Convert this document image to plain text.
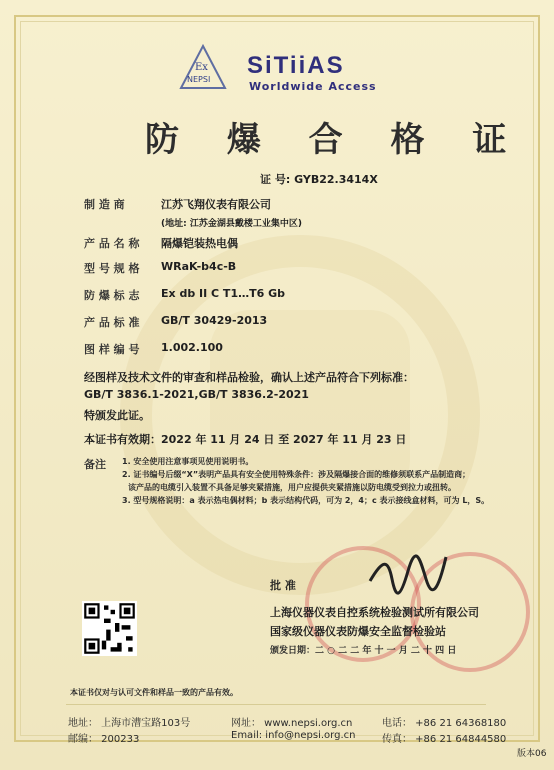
Ex
NEPSI
SiTiiAS
Worldwide Access
防 爆 合 格 证
证 号: GYB22.3414X
制 造 商	江苏飞翔仪表有限公司
(地址: 江苏金湖县戴楼工业集中区)
产 品 名 称 隔爆铠装热电偶
型 号 规 格 WRaK-b4c-B
防 爆 标 志 Ex db II C T1…T6 Gb
产 品 标 准 GB/T 30429-2013
图 样 编 号 1.002.100
经图样及技术文件的审查和样品检验，确认上述产品符合下列标准：
GB/T 3836.1-2021,GB/T 3836.2-2021
特颁发此证。
本证书有效期：2022 年 11 月 24 日 至 2027 年 11 月 23 日
备注 1. 安全使用注意事项见使用说明书。
2. 证书编号后缀“X”表明产品具有安全使用特殊条件：涉及隔爆接合面的维修须联系产品制造商；
该产品的电缆引入装置不具备足够夹紧措施，用户应提供夹紧措施以防电缆受到拉力或扭转。
3. 型号规格说明：a 表示热电偶材料；b 表示结构代码，可为 2，4；c 表示接线盒材料，可为 L，S。
批 准
上海仪器仪表自控系统检验测试所有限公司
国家级仪器仪表防爆安全监督检验站
颁发日期：二 ○ 二 二 年 十 一 月 二 十 四 日
本证书仅对与认可文件和样品一致的产品有效。
地址： 上海市漕宝路103号
邮编： 200233
网址： www.nepsi.org.cn
Email: info@nepsi.org.cn
电话： +86 21 64368180
传真： +86 21 64844580
版本06
